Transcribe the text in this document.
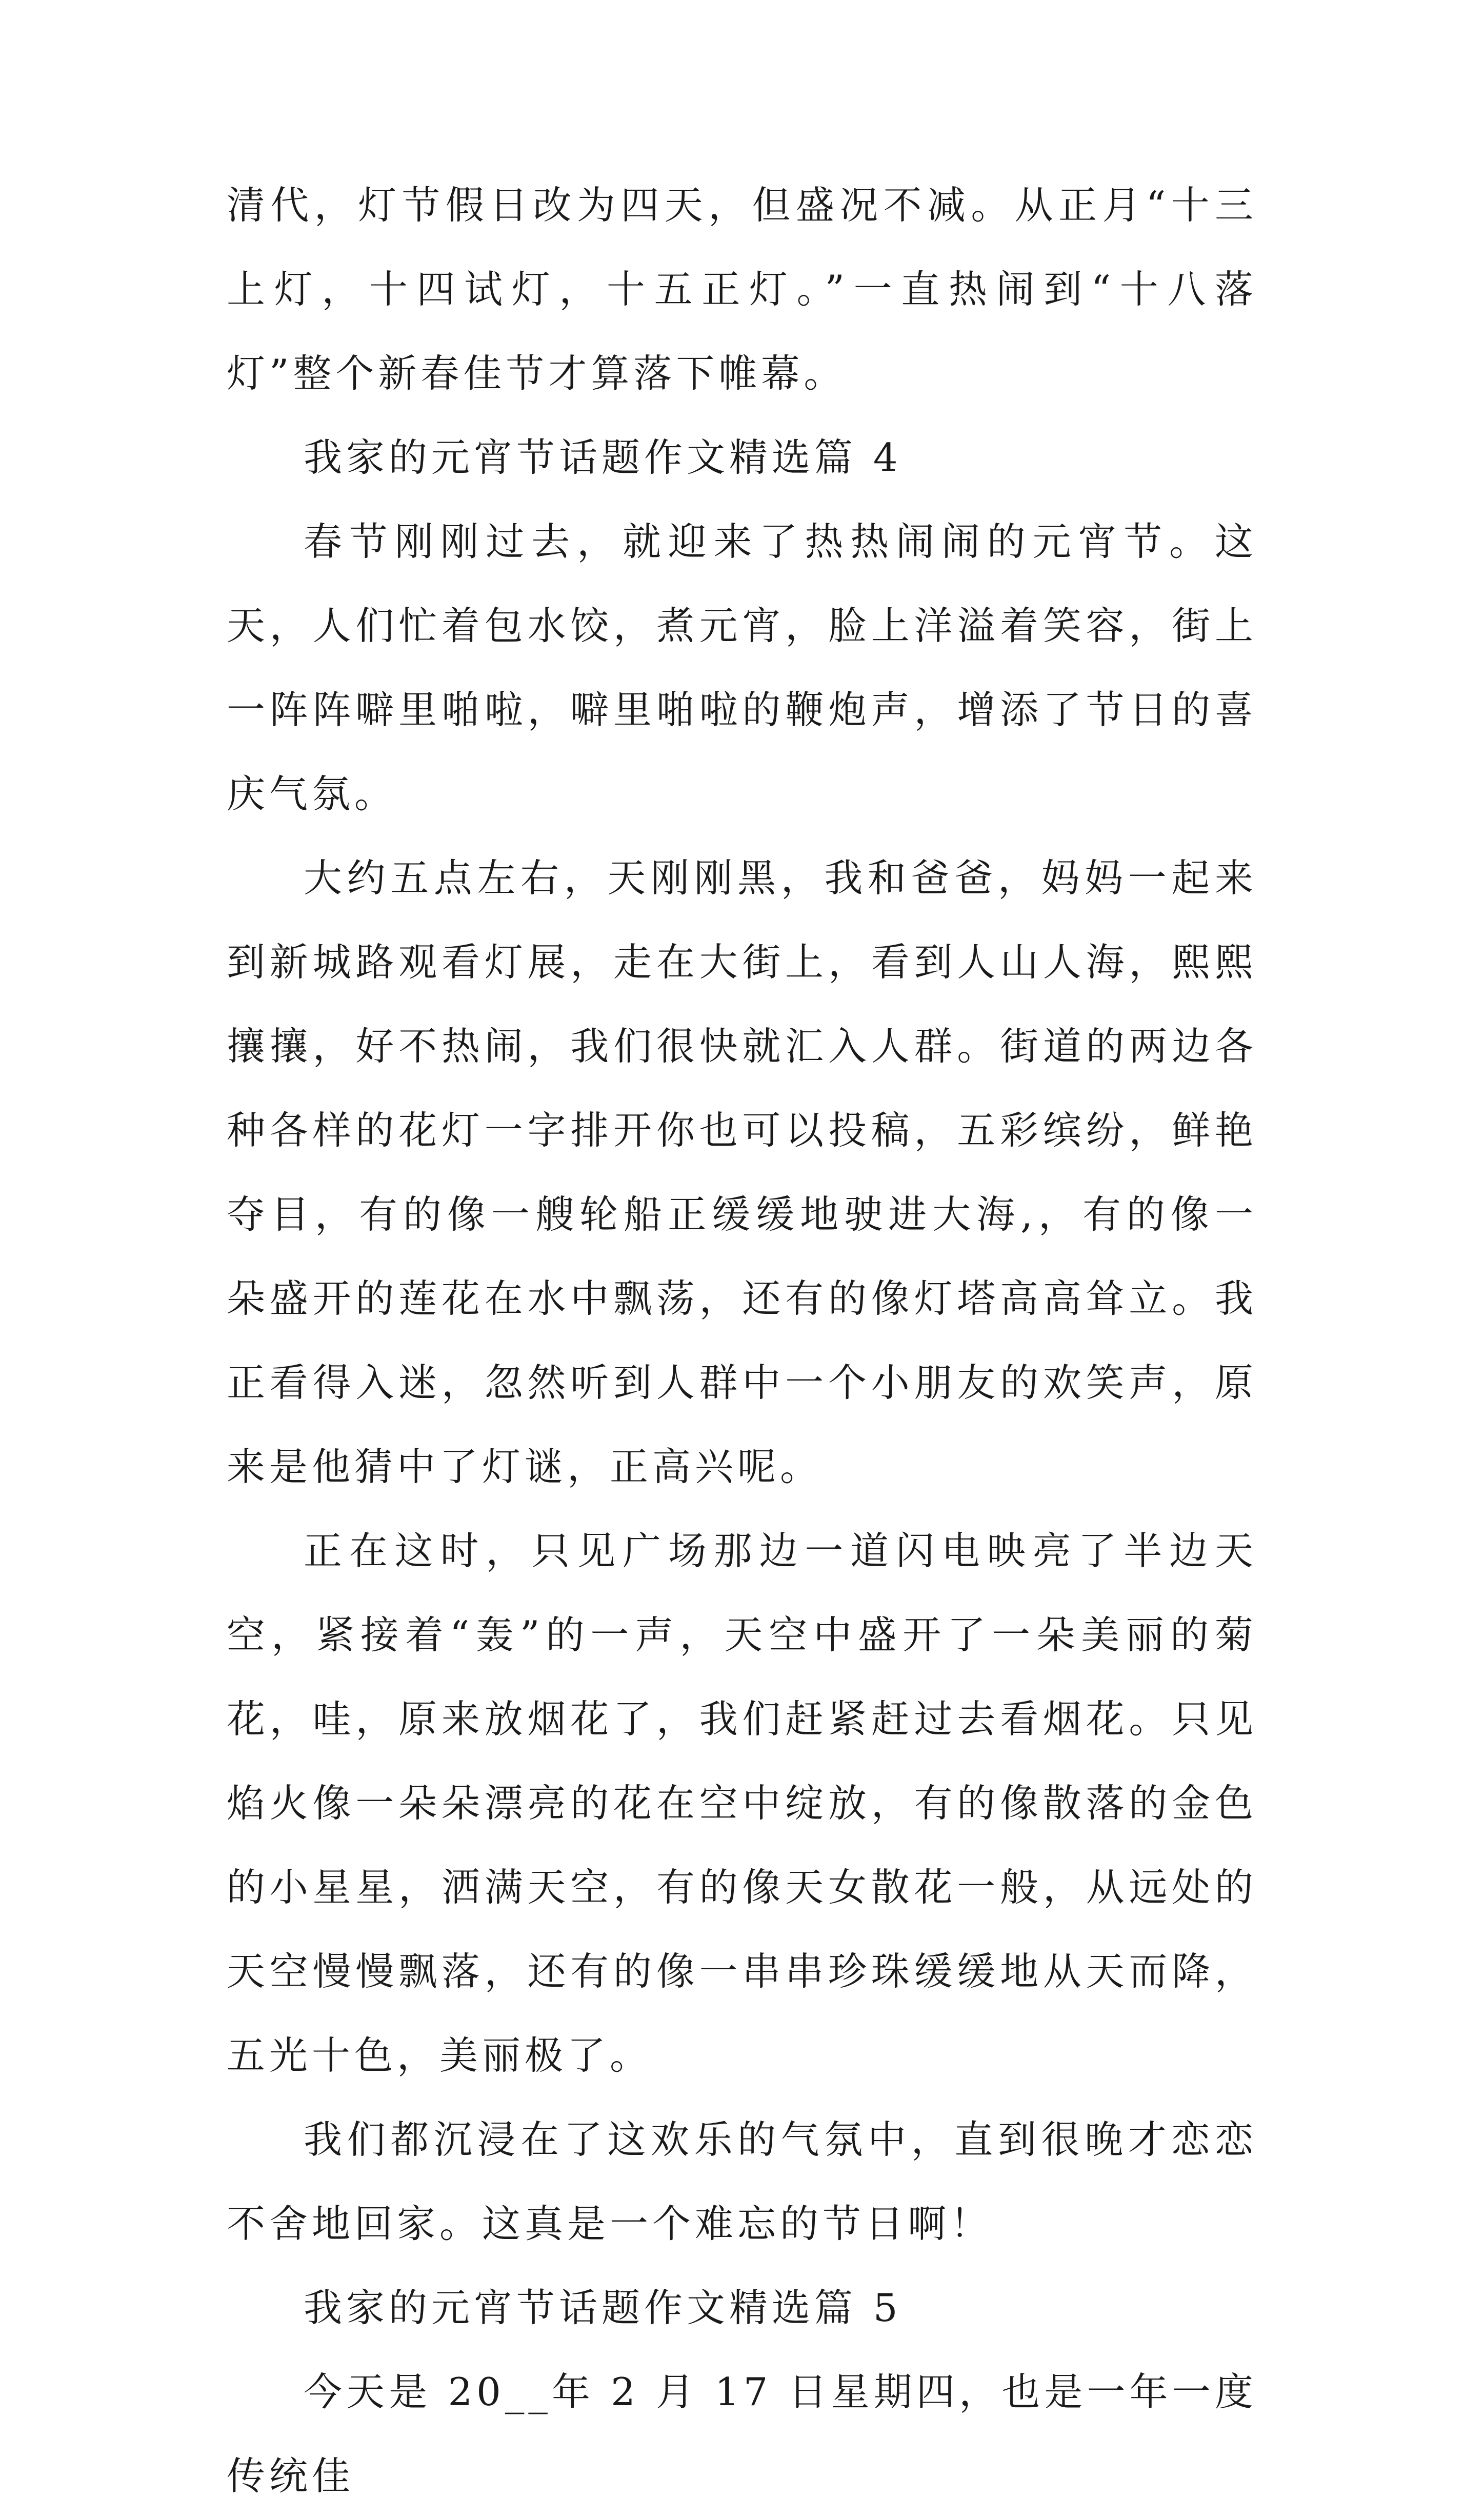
清代，灯节假日改为四天，但盛况不减。从正月“十三上灯，十四试灯，十五正灯。”一直热闹到“十八落灯”整个新春佳节才算落下帷幕。

我家的元宵节话题作文精选篇 4

春节刚刚过去，就迎来了热热闹闹的元宵节。这天，人们忙着包水饺，煮元宵，脸上洋溢着笑容，街上一阵阵噼里啪啦，噼里啪啦的鞭炮声，增添了节日的喜庆气氛。

大约五点左右，天刚刚黑，我和爸爸，妈妈一起来到新城路观看灯展，走在大街上，看到人山人海，熙熙攘攘，好不热闹，我们很快就汇入人群。街道的两边各种各样的花灯一字排开你也可以投稿，五彩缤纷，鲜艳夺目，有的像一艘轮船正缓缓地驶进大海,，有的像一朵盛开的莲花在水中飘荡，还有的像灯塔高高耸立。我正看得入迷，忽然听到人群中一个小朋友的欢笑声，原来是他猜中了灯谜，正高兴呢。

正在这时，只见广场那边一道闪电映亮了半边天空，紧接着“轰”的一声，天空中盛开了一朵美丽的菊花，哇，原来放烟花了，我们赶紧赶过去看烟花。只见焰火像一朵朵漂亮的花在空中绽放，有的像散落的金色的小星星，洒满天空，有的像天女散花一般，从远处的天空慢慢飘落，还有的像一串串珍珠缓缓地从天而降，五光十色，美丽极了。

我们都沉浸在了这欢乐的气氛中，直到很晚才恋恋不舍地回家。这真是一个难忘的节日啊！

我家的元宵节话题作文精选篇 5

今天是 20__年 2 月 17 日星期四，也是一年一度传统佳
